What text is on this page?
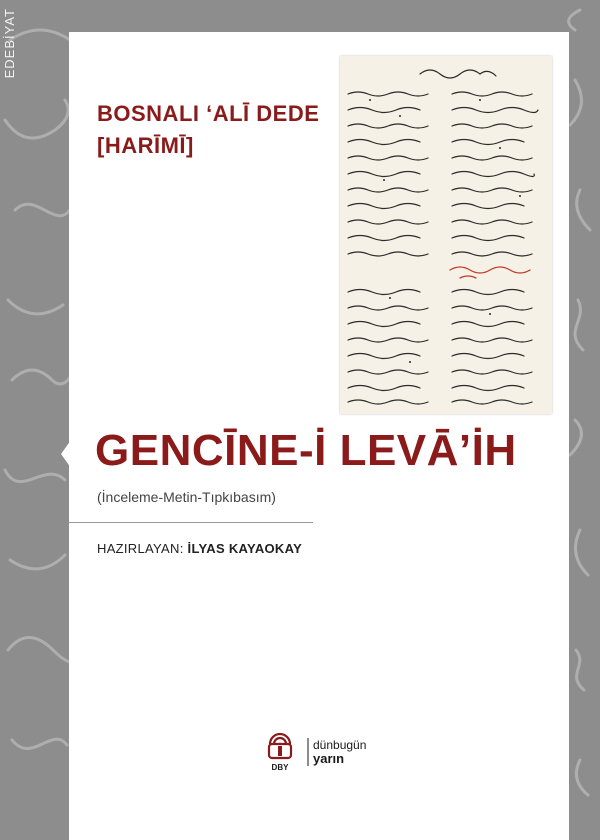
EDEBİYAT
BOSNALI ‘ALĪ DEDE
[HARĪMĪ]
GENCĪNE-İ LEVĀ’İH
(İnceleme-Metin-Tıpkıbasım)
HAZIRLAYAN: İLYAS KAYAOKAY
DBY
dünbugün
yarın
